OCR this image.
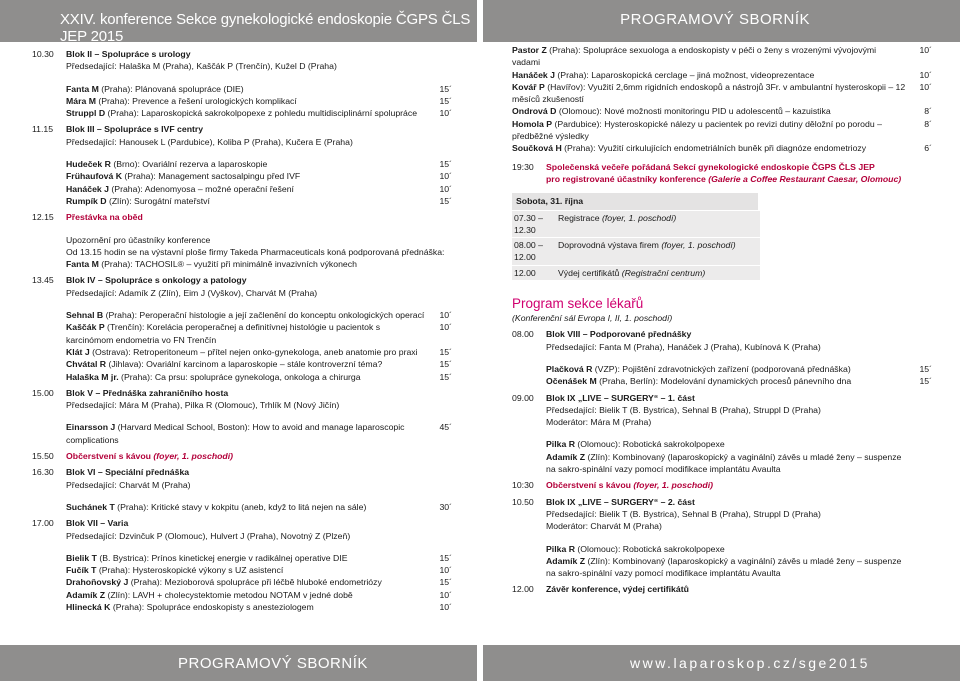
XXIV. konference Sekce gynekologické endoskopie ČGPS ČLS JEP 2015
PROGRAMOVÝ SBORNÍK
10.30 Blok II – Spolupráce s urology
Předsedající: Halaška M (Praha), Kaščák P (Trenčín), Kužel D (Praha)
Fanta M (Praha): Plánovaná spolupráce (DIE)	15´
Mára M (Praha): Prevence a řešení urologických komplikací	15´
Struppl D (Praha): Laparoskopická sakrokolpopexe z pohledu multidisciplinární spolupráce	10´
11.15 Blok III – Spolupráce s IVF centry
Předsedající: Hanousek L (Pardubice), Koliba P (Praha), Kučera E (Praha)
Hudeček R (Brno): Ovariální rezerva a laparoskopie	15´
Frühaufová K (Praha): Management sactosalpingu před IVF	10´
Hanáček J (Praha): Adenomyosa – možné operační řešení	10´
Rumpík D (Zlín): Surogátní mateřství	15´
12.15 Přestávka na oběd
Upozornění pro účastníky konference
Od 13.15 hodin se na výstavní ploše firmy Takeda Pharmaceuticals koná podporovaná přednáška:
Fanta M (Praha): TACHOSIL® – využití při minimálně invazivních výkonech
13.45 Blok IV – Spolupráce s onkology a patology
Předsedající: Adamík Z (Zlín), Eim J (Vyškov), Charvát M (Praha)
Sehnal B (Praha): Peroperační histologie a její začlenění do konceptu onkologických operací 10´
Kaščák P (Trenčín): Korelácia peroperačnej a definitívnej histológie u pacientok s karcinómom endometria vo FN Trenčín
10´
Klát J (Ostrava): Retroperitoneum – přítel nejen onko-gynekologa, aneb anatomie pro praxi	15´
Chvátal R (Jihlava): Ovariální karcinom a laparoskopie – stále kontroverzní téma?	15´
Halaška M jr. (Praha): Ca prsu: spolupráce gynekologa, onkologa a chirurga	15´
15.00 Blok V – Přednáška zahraničního hosta
Předsedající: Mára M (Praha), Pilka R (Olomouc), Trhlík M (Nový Jičín)
Einarsson J (Harvard Medical School, Boston): How to avoid and manage laparoscopic complications
45´
15.50 Občerstvení s kávou (foyer, 1. poschodí)
16.30 Blok VI – Speciální přednáška
Předsedající: Charvát M (Praha)
Suchánek T (Praha): Kritické stavy v kokpitu (aneb, když to litá nejen na sále)	30´
17.00 Blok VII – Varia
Předsedající: Dzvinčuk P (Olomouc), Hulvert J (Praha), Novotný Z (Plzeň)
Bielik T (B. Bystrica): Prínos kinetickej energie v radikálnej operative DIE	15´
Fučík T (Praha): Hysteroskopické výkony s UZ asistencí	10´
Drahoňovský J (Praha): Mezioborová spolupráce při léčbě hluboké endometriózy	15´
Adamík Z (Zlín): LAVH + cholecystektomie metodou NOTAM v jedné době	10´
Hlinecká K (Praha): Spolupráce endoskopisty s anesteziologem	10´
Pastor Z (Praha): Spolupráce sexuologa a endoskopisty v péči o ženy s vrozenými vývojovými vadami
10´
Hanáček J (Praha): Laparoskopická cerclage – jiná možnost, videoprezentace	10´
Kovář P (Havířov): Využití 2,6mm rigidních endoskopů a nástrojů 3Fr. v ambulantní hysteroskopii – 12 měsíců zkušeností
10´
Ondrová D (Olomouc): Nové možnosti monitoringu PID u adolescentů – kazuistika	8´
Homola P (Pardubice): Hysteroskopické nálezy u pacientek po revizi dutiny děložní po porodu – předběžné výsledky
8´
Součková H (Praha): Využití cirkulujících endometriálních buněk při diagnóze endometriozy	6´
19:30 Společenská večeře pořádaná Sekcí gynekologické endoskopie ČGPS ČLS JEP
pro registrované účastníky konference (Galerie a Coffee Restaurant Caesar, Olomouc)
Sobota, 31. října
07.30 – 12.30
Registrace (foyer, 1. poschodí)
08.00 – 12.00
Doprovodná výstava firem (foyer, 1. poschodí)
12.00	Výdej certifikátů (Registrační centrum)
Program sekce lékařů
(Konferenční sál Evropa I, II, 1. poschodí)
08.00 Blok VIII – Podporované přednášky
Předsedající: Fanta M (Praha), Hanáček J (Praha), Kubínová K (Praha)
Plačková R (VZP): Pojištění zdravotnických zařízení (podporovaná přednáška)	15´
Očenášek M (Praha, Berlín): Modelování dynamických procesů pánevního dna	15´
09.00 Blok IX „LIVE – SURGERY“ – 1. část
Předsedající: Bielik T (B. Bystrica), Sehnal B (Praha), Struppl D (Praha)
Moderátor: Mára M (Praha)
Pilka R (Olomouc): Robotická sakrokolpopexe
Adamík Z (Zlín): Kombinovaný (laparoskopický a vaginální) závěs u mladé ženy – suspenze na sakro-spinální vazy pomocí modifikace implantátu Avaulta
10:30 Občerstvení s kávou (foyer, 1. poschodí)
10.50 Blok IX „LIVE – SURGERY“ – 2. část
Předsedající: Bielik T (B. Bystrica), Sehnal B (Praha), Struppl D (Praha)
Moderátor: Charvát M (Praha)
Pilka R (Olomouc): Robotická sakrokolpopexe
Adamík Z (Zlín): Kombinovaný (laparoskopický a vaginální) závěs u mladé ženy – suspenze na sakro-spinální vazy pomocí modifikace implantátu Avaulta
12.00 Závěr konference, výdej certifikátů
PROGRAMOVÝ SBORNÍK	www.laparoskop.cz/sge2015
